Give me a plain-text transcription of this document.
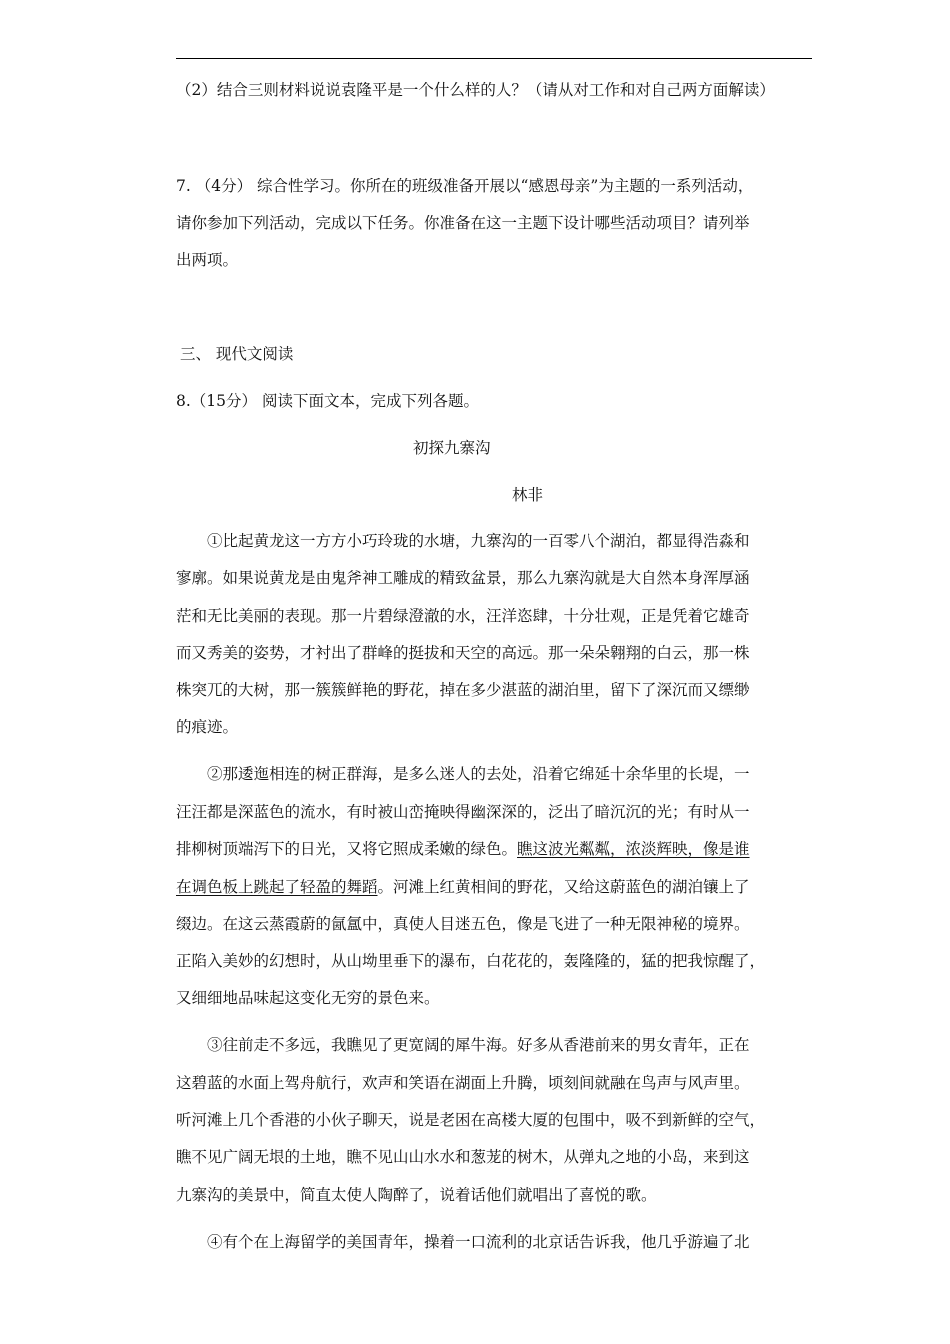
（2）结合三则材料说说袁隆平是一个什么样的人？（请从对工作和对自己两方面解读）
7. （4分） 综合性学习。你所在的班级准备开展以“感恩母亲”为主题的一系列活动，
请你参加下列活动，完成以下任务。你准备在这一主题下设计哪些活动项目？请列举
出两项。
三、 现代文阅读
8.（15分） 阅读下面文本，完成下列各题。
初探九寨沟
林非
①比起黄龙这一方方小巧玲珑的水塘，九寨沟的一百零八个湖泊，都显得浩淼和
寥廓。如果说黄龙是由鬼斧神工雕成的精致盆景，那么九寨沟就是大自然本身浑厚涵
茫和无比美丽的表现。那一片碧绿澄澈的水，汪洋恣肆，十分壮观，正是凭着它雄奇
而又秀美的姿势，才衬出了群峰的挺拔和天空的高远。那一朵朵翱翔的白云，那一株
株突兀的大树，那一簇簇鲜艳的野花，掉在多少湛蓝的湖泊里，留下了深沉而又缥缈
的痕迹。
②那逶迤相连的树正群海，是多么迷人的去处，沿着它绵延十余华里的长堤，一
汪汪都是深蓝色的流水，有时被山峦掩映得幽深深的，泛出了暗沉沉的光；有时从一
排柳树顶端泻下的日光，又将它照成柔嫩的绿色。瞧这波光粼粼，浓淡辉映，像是谁
在调色板上跳起了轻盈的舞蹈。河滩上红黄相间的野花，又给这蔚蓝色的湖泊镶上了
缀边。在这云蒸霞蔚的氤氲中，真使人目迷五色，像是飞进了一种无限神秘的境界。
正陷入美妙的幻想时，从山坳里垂下的瀑布，白花花的，轰隆隆的，猛的把我惊醒了，
又细细地品味起这变化无穷的景色来。
③往前走不多远，我瞧见了更宽阔的犀牛海。好多从香港前来的男女青年，正在
这碧蓝的水面上驾舟航行，欢声和笑语在湖面上升腾，顷刻间就融在鸟声与风声里。
听河滩上几个香港的小伙子聊天，说是老困在高楼大厦的包围中，吸不到新鲜的空气，
瞧不见广阔无垠的土地，瞧不见山山水水和葱茏的树木，从弹丸之地的小岛，来到这
九寨沟的美景中，简直太使人陶醉了，说着话他们就唱出了喜悦的歌。
④有个在上海留学的美国青年，操着一口流利的北京话告诉我，他几乎游遍了北
